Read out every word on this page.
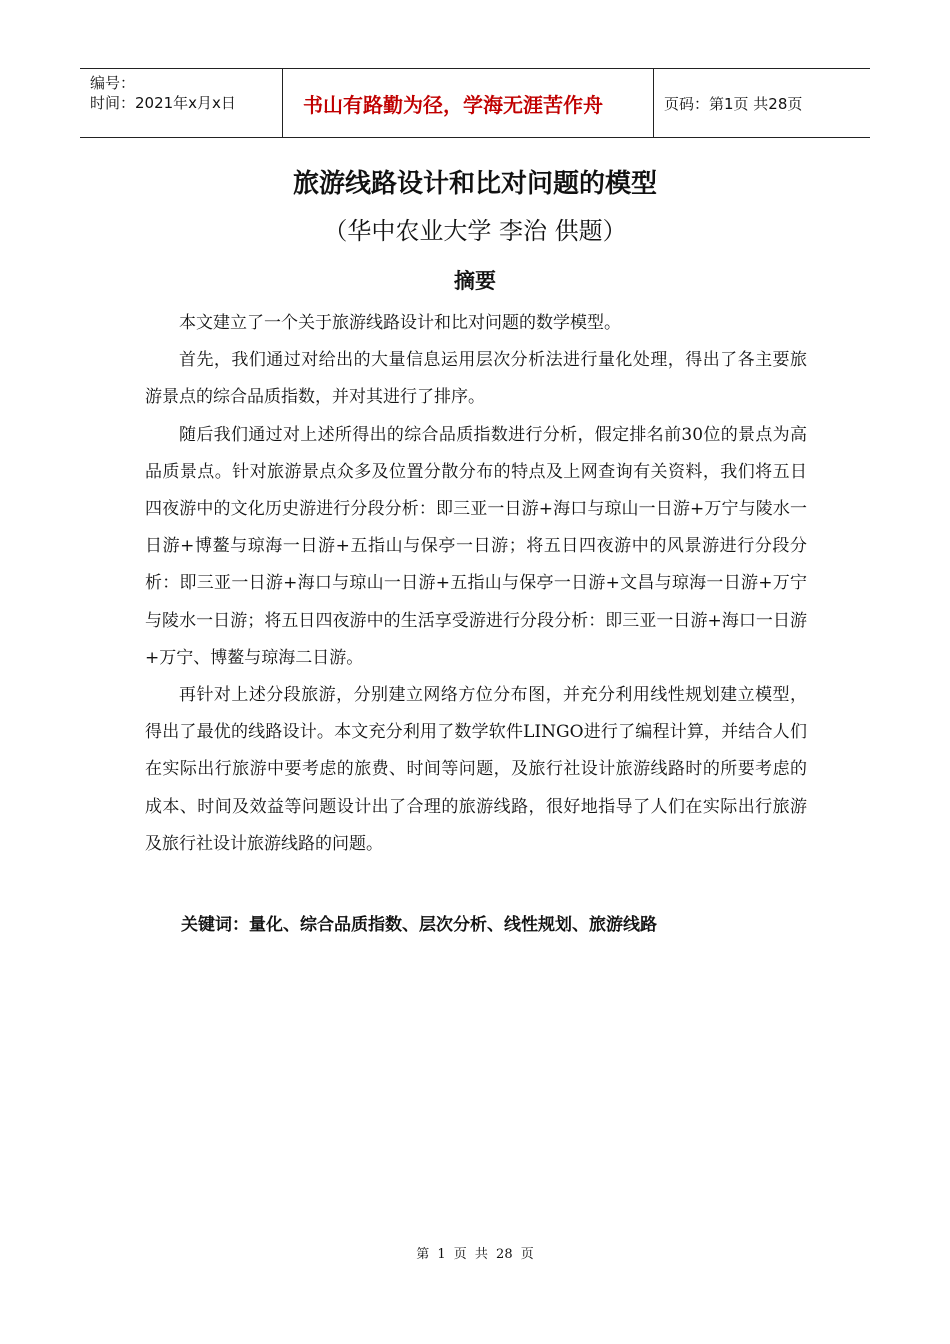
编号：
时间：2021年x月x日	书山有路勤为径，学海无涯苦作舟	页码：第1页 共28页
旅游线路设计和比对问题的模型
（华中农业大学 李治 供题）
摘要

本文建立了一个关于旅游线路设计和比对问题的数学模型。

首先，我们通过对给出的大量信息运用层次分析法进行量化处理，得出了各主要旅游景点的综合品质指数，并对其进行了排序。

随后我们通过对上述所得出的综合品质指数进行分析，假定排名前30位的景点为高品质景点。针对旅游景点众多及位置分散分布的特点及上网查询有关资料，我们将五日四夜游中的文化历史游进行分段分析：即三亚一日游+海口与琼山一日游+万宁与陵水一日游+博鳌与琼海一日游+五指山与保亭一日游；将五日四夜游中的风景游进行分段分析：即三亚一日游+海口与琼山一日游+五指山与保亭一日游+文昌与琼海一日游+万宁与陵水一日游；将五日四夜游中的生活享受游进行分段分析：即三亚一日游+海口一日游+万宁、博鳌与琼海二日游。

再针对上述分段旅游，分别建立网络方位分布图，并充分利用线性规划建立模型，得出了最优的线路设计。本文充分利用了数学软件LINGO进行了编程计算，并结合人们在实际出行旅游中要考虑的旅费、时间等问题，及旅行社设计旅游线路时的所要考虑的成本、时间及效益等问题设计出了合理的旅游线路，很好地指导了人们在实际出行旅游及旅行社设计旅游线路的问题。

关键词：量化、综合品质指数、层次分析、线性规划、旅游线路
第 1 页 共 28 页
